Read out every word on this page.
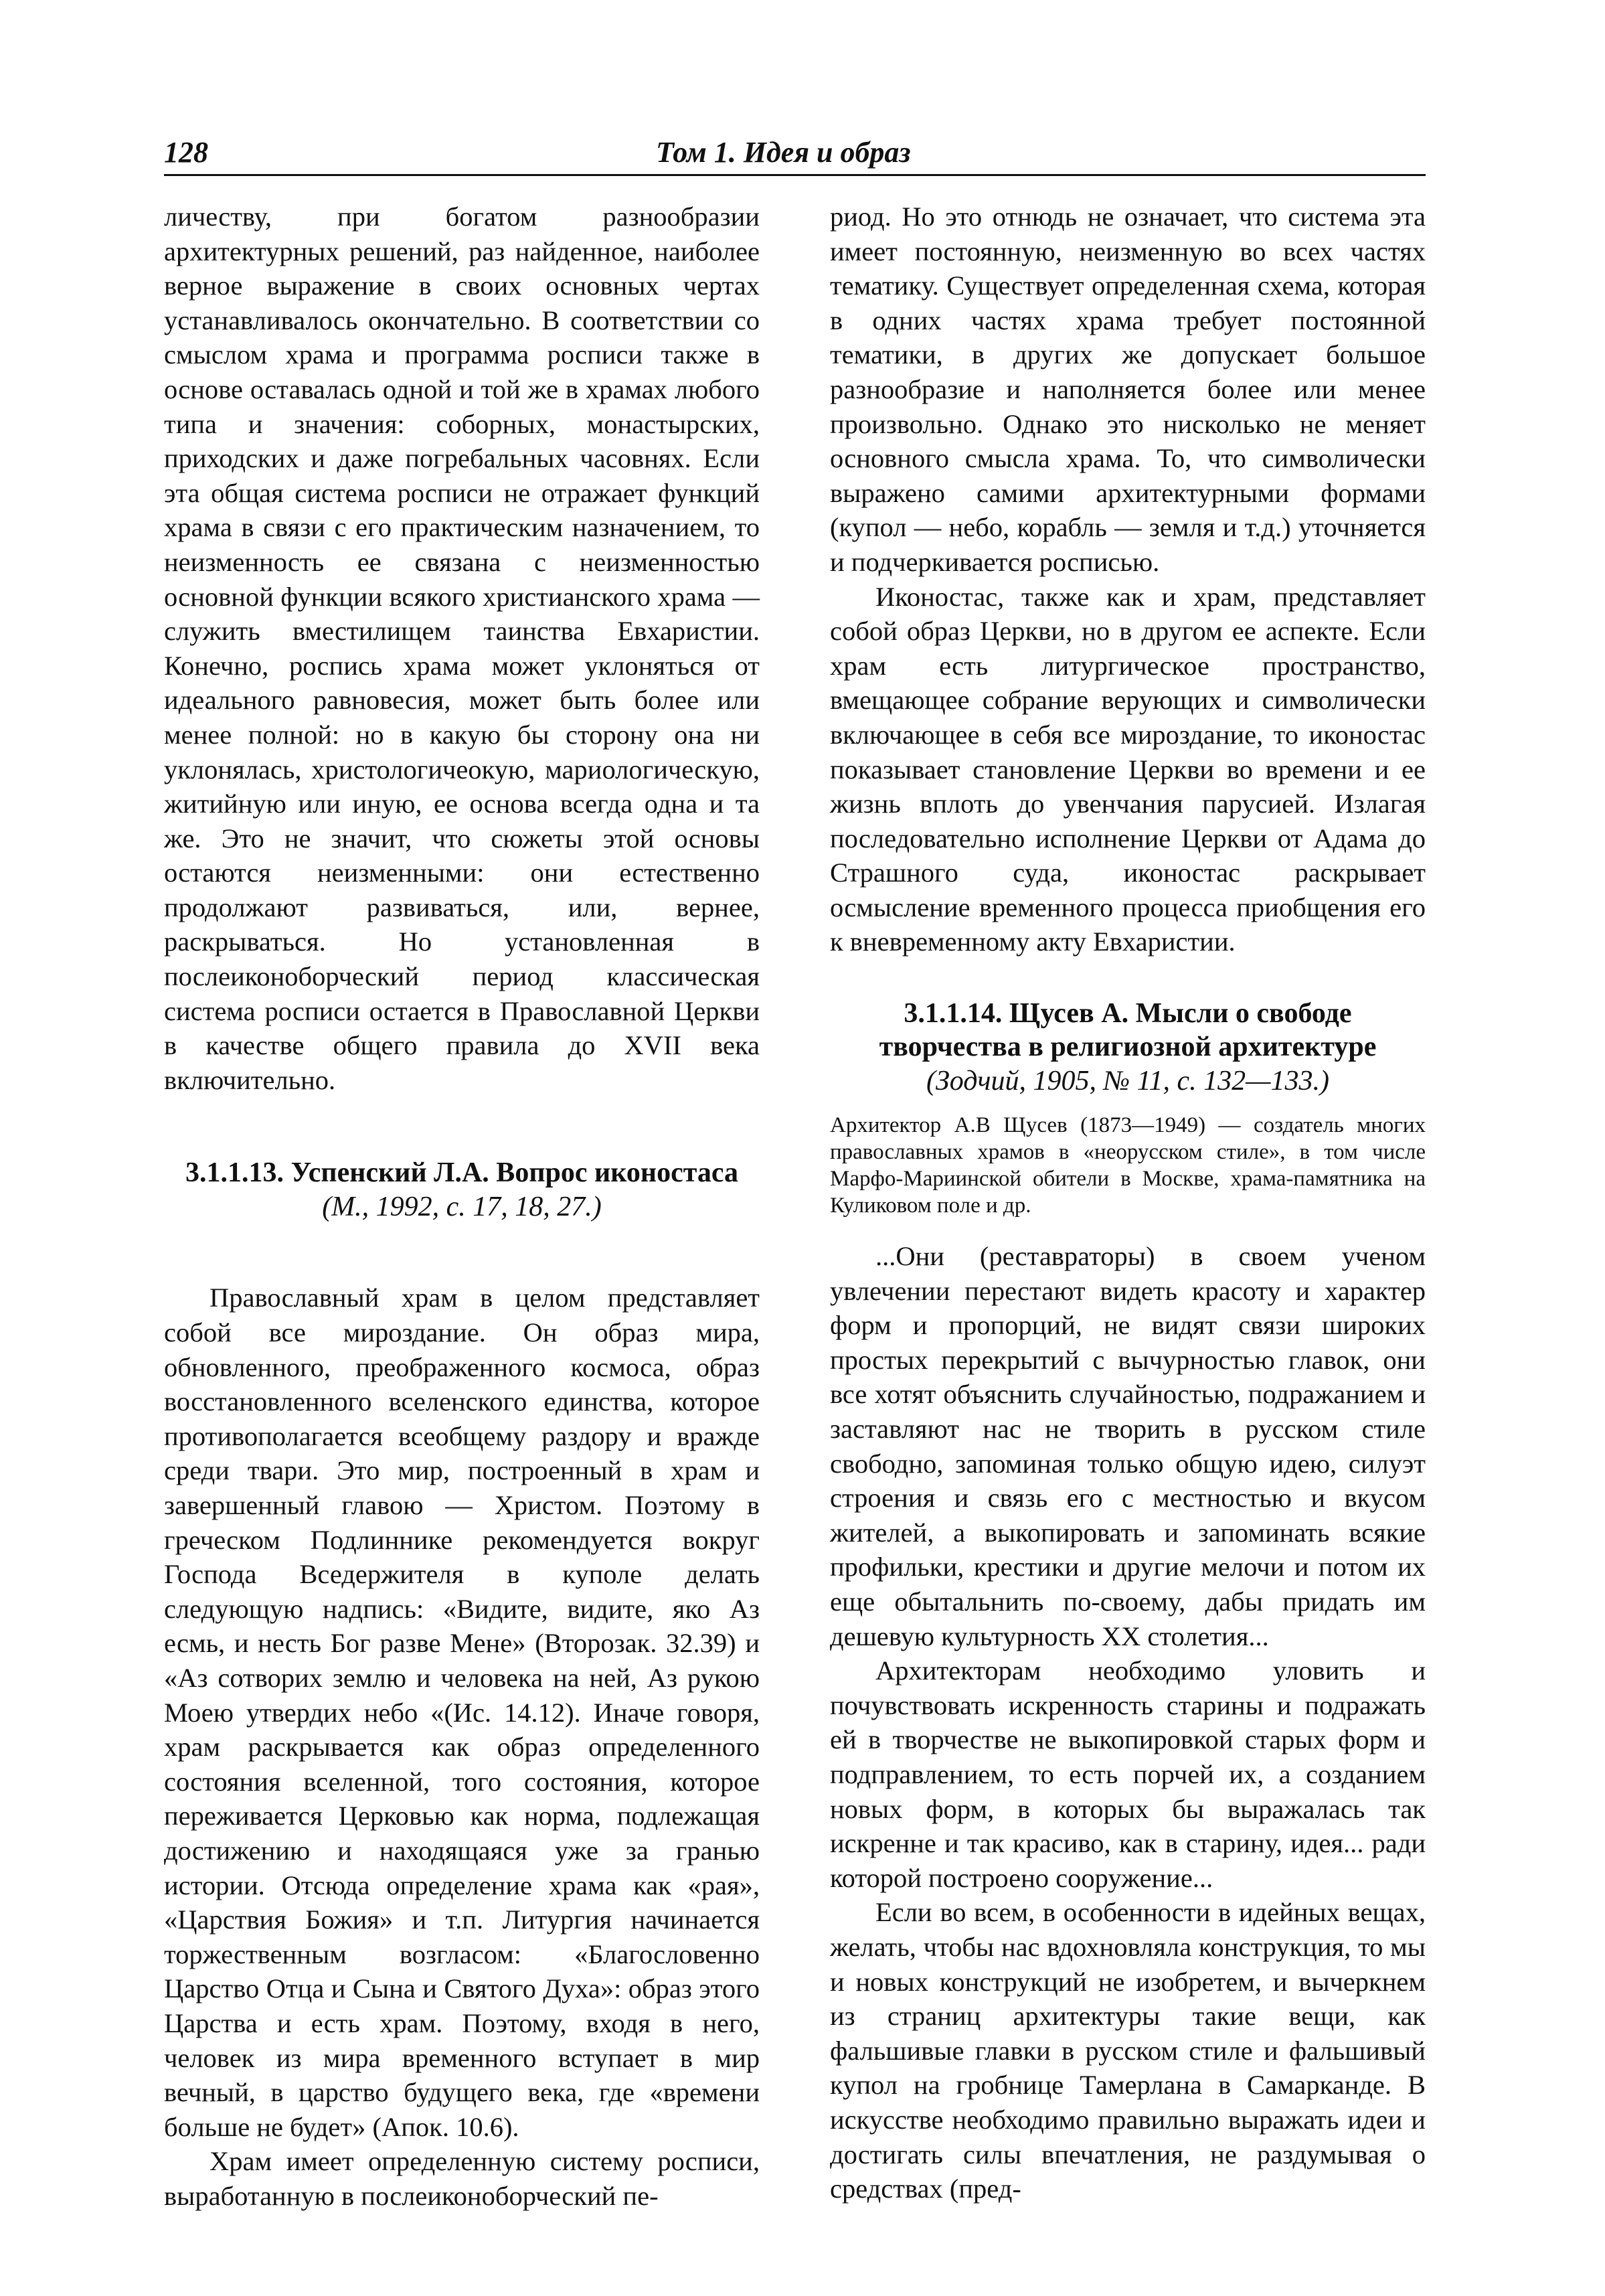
128	Том 1. Идея и образ

личеству, при богатом разнообразии архитектурных решений, раз найденное, наиболее верное выражение в своих основных чертах устанавливалось окончательно. В соответствии со смыслом храма и программа росписи также в основе оставалась одной и той же в храмах любого типа и значения: соборных, монастырских, приходских и даже погребальных часовнях. Если эта общая система росписи не отражает функций храма в связи с его практическим назначением, то неизменность ее связана с неизменностью основной функции всякого христианского храма — служить вместилищем таинства Евхаристии. Конечно, роспись храма может уклоняться от идеального равновесия, может быть более или менее полной: но в какую бы сторону она ни уклонялась, христологичеокую, мариологическую, житийную или иную, ее основа всегда одна и та же. Это не значит, что сюжеты этой основы остаются неизменными: они естественно продолжают развиваться, или, вернее, раскрываться. Но установленная в послеиконоборческий период классическая система росписи остается в Православной Церкви в качестве общего правила до XVII века включительно.

3.1.1.13. Успенский Л.А. Вопрос иконостаса

(М., 1992, с. 17, 18, 27.)

Православный храм в целом представляет собой все мироздание. Он образ мира, обновленного, преображенного космоса, образ восстановленного вселенского единства, которое противополагается всеобщему раздору и вражде среди твари. Это мир, построенный в храм и завершенный главою — Христом. Поэтому в греческом Подлиннике рекомендуется вокруг Господа Вседержителя в куполе делать следующую надпись: «Видите, видите, яко Аз есмь, и несть Бог разве Мене» (Второзак. 32.39) и «Аз сотворих землю и человека на ней, Аз рукою Моею утвердих небо «(Ис. 14.12). Иначе говоря, храм раскрывается как образ определенного состояния вселенной, того состояния, которое переживается Церковью как норма, подлежащая достижению и находящаяся уже за гранью истории. Отсюда определение храма как «рая», «Царствия Божия» и т.п. Литургия начинается торжественным возгласом: «Благословенно Царство Отца и Сына и Святого Духа»: образ этого Царства и есть храм. Поэтому, входя в него, человек из мира временного вступает в мир вечный, в царство будущего века, где «времени больше не будет» (Апок. 10.6).

Храм имеет определенную систему росписи, выработанную в послеиконоборческий пе-

риод. Но это отнюдь не означает, что система эта имеет постоянную, неизменную во всех частях тематику. Существует определенная схема, которая в одних частях храма требует постоянной тематики, в других же допускает большое разнообразие и наполняется более или менее произвольно. Однако это нисколько не меняет основного смысла храма. То, что символически выражено самими архитектурными формами (купол — небо, корабль — земля и т.д.) уточняется и подчеркивается росписью.

Иконостас, также как и храм, представляет собой образ Церкви, но в другом ее аспекте. Если храм есть литургическое пространство, вмещающее собрание верующих и символически включающее в себя все мироздание, то иконостас показывает становление Церкви во времени и ее жизнь вплоть до увенчания парусией. Излагая последовательно исполнение Церкви от Адама до Страшного суда, иконостас раскрывает осмысление временного процесса приобщения его к вневременному акту Евхаристии.

3.1.1.14. Щусев А. Мысли о свободе творчества в религиозной архитектуре

(Зодчий, 1905, № 11, с. 132—133.)

Архитектор А.В Щусев (1873—1949) — создатель многих православных храмов в «неорусском стиле», в том числе Марфо-Мариинской обители в Москве, храма-памятника на Куликовом поле и др.

...Они (реставраторы) в своем ученом увлечении перестают видеть красоту и характер форм и пропорций, не видят связи широких простых перекрытий с вычурностью главок, они все хотят объяснить случайностью, подражанием и заставляют нас не творить в русском стиле свободно, запоминая только общую идею, силуэт строения и связь его с местностью и вкусом жителей, а выкопировать и запоминать всякие профильки, крестики и другие мелочи и потом их еще обытальнить по-своему, дабы придать им дешевую культурность XX столетия...

Архитекторам необходимо уловить и почувствовать искренность старины и подражать ей в творчестве не выкопировкой старых форм и подправлением, то есть порчей их, а созданием новых форм, в которых бы выражалась так искренне и так красиво, как в старину, идея... ради которой построено сооружение...

Если во всем, в особенности в идейных вещах, желать, чтобы нас вдохновляла конструкция, то мы и новых конструкций не изобретем, и вычеркнем из страниц архитектуры такие вещи, как фальшивые главки в русском стиле и фальшивый купол на гробнице Тамерлана в Самарканде. В искусстве необходимо правильно выражать идеи и достигать силы впечатления, не раздумывая о средствах (пред-
